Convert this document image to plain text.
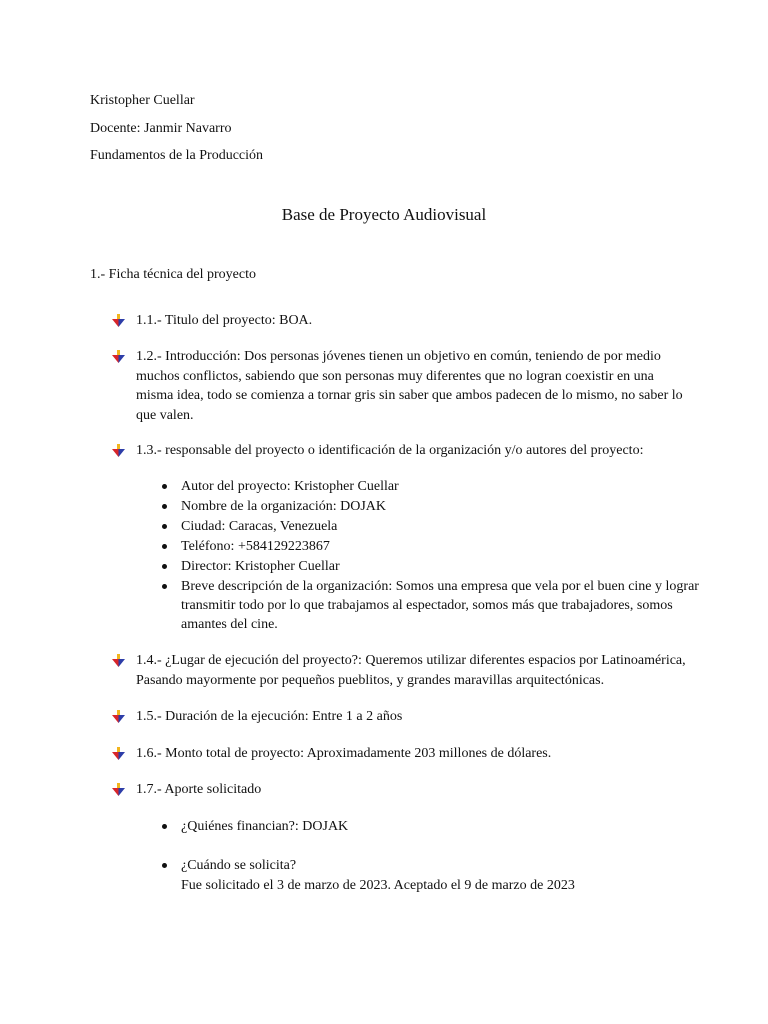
Kristopher Cuellar

Docente: Janmir Navarro

Fundamentos de la Producción

Base de Proyecto Audiovisual

1.- Ficha técnica del proyecto

1.1.- Titulo del proyecto: BOA.
1.2.- Introducción: Dos personas jóvenes tienen un objetivo en común, teniendo de por medio muchos conflictos, sabiendo que son personas muy diferentes que no logran coexistir en una misma idea, todo se comienza a tornar gris sin saber que ambos padecen de lo mismo, no saber lo que valen.
1.3.- responsable del proyecto o identificación de la organización y/o autores del proyecto:
Autor del proyecto: Kristopher Cuellar
Nombre de la organización: DOJAK
Ciudad: Caracas, Venezuela
Teléfono: +584129223867
Director: Kristopher Cuellar
Breve descripción de la organización: Somos una empresa que vela por el buen cine y lograr transmitir todo por lo que trabajamos al espectador, somos más que trabajadores, somos amantes del cine.
1.4.- ¿Lugar de ejecución del proyecto?: Queremos utilizar diferentes espacios por Latinoamérica, Pasando mayormente por pequeños pueblitos, y grandes maravillas arquitectónicas.
1.5.- Duración de la ejecución: Entre 1 a 2 años
1.6.- Monto total de proyecto: Aproximadamente 203 millones de dólares.
1.7.- Aporte solicitado
¿Quiénes financian?: DOJAK
¿Cuándo se solicita?
Fue solicitado el 3 de marzo de 2023. Aceptado el 9 de marzo de 2023
